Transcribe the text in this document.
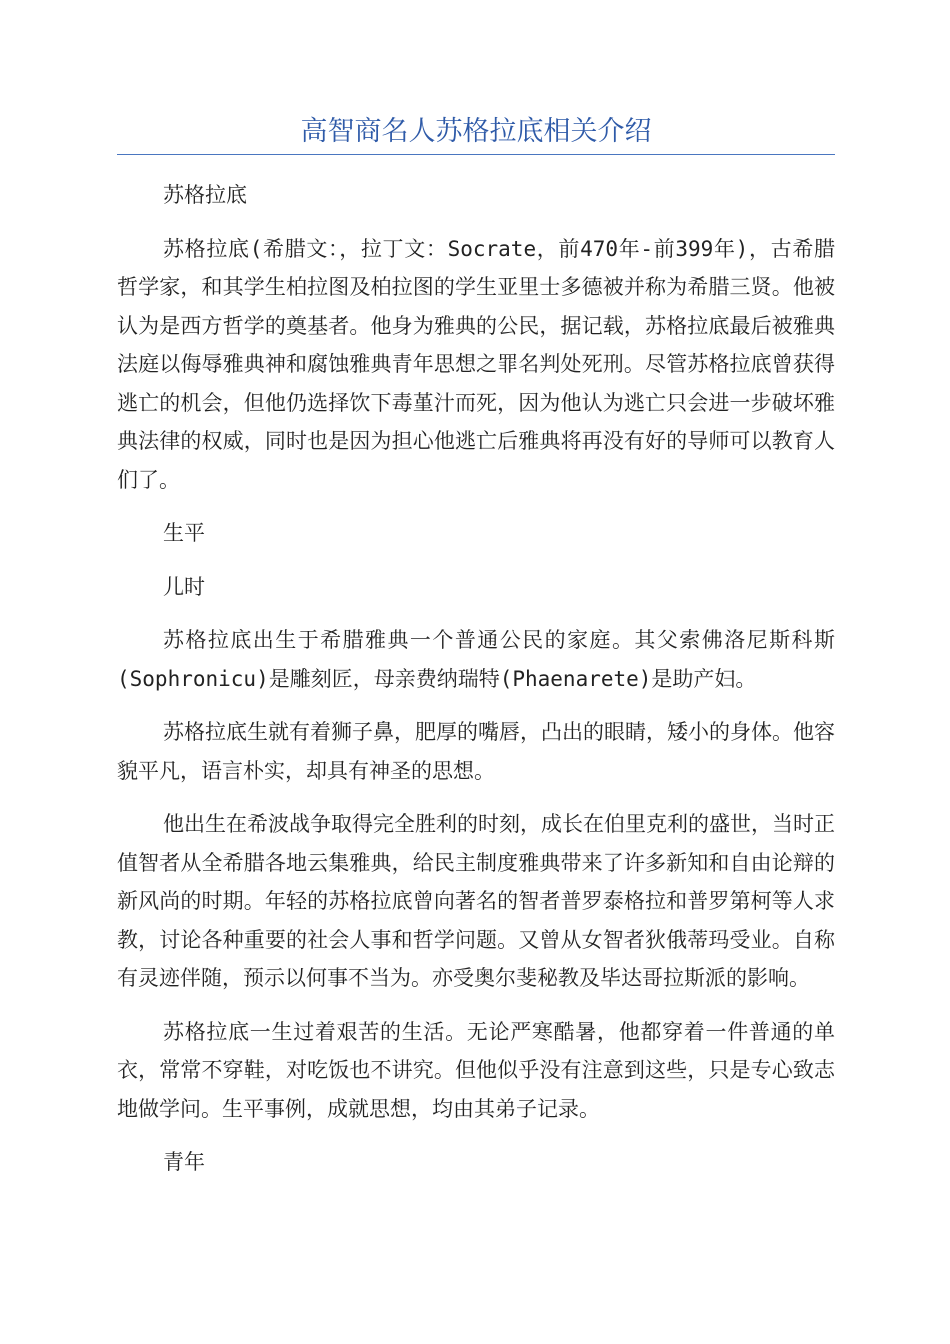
高智商名人苏格拉底相关介绍

苏格拉底

苏格拉底(希腊文：，拉丁文：Socrate，前470年-前399年)，古希腊哲学家，和其学生柏拉图及柏拉图的学生亚里士多德被并称为希腊三贤。他被认为是西方哲学的奠基者。他身为雅典的公民，据记载，苏格拉底最后被雅典法庭以侮辱雅典神和腐蚀雅典青年思想之罪名判处死刑。尽管苏格拉底曾获得逃亡的机会，但他仍选择饮下毒堇汁而死，因为他认为逃亡只会进一步破坏雅典法律的权威，同时也是因为担心他逃亡后雅典将再没有好的导师可以教育人们了。

生平

儿时

苏格拉底出生于希腊雅典一个普通公民的家庭。其父索佛洛尼斯科斯(Sophronicu)是雕刻匠，母亲费纳瑞特(Phaenarete)是助产妇。

苏格拉底生就有着狮子鼻，肥厚的嘴唇，凸出的眼睛，矮小的身体。他容貌平凡，语言朴实，却具有神圣的思想。

他出生在希波战争取得完全胜利的时刻，成长在伯里克利的盛世，当时正值智者从全希腊各地云集雅典，给民主制度雅典带来了许多新知和自由论辩的新风尚的时期。年轻的苏格拉底曾向著名的智者普罗泰格拉和普罗第柯等人求教，讨论各种重要的社会人事和哲学问题。又曾从女智者狄俄蒂玛受业。自称有灵迹伴随，预示以何事不当为。亦受奥尔斐秘教及毕达哥拉斯派的影响。

苏格拉底一生过着艰苦的生活。无论严寒酷暑，他都穿着一件普通的单衣，常常不穿鞋，对吃饭也不讲究。但他似乎没有注意到这些，只是专心致志地做学问。生平事例，成就思想，均由其弟子记录。

青年
